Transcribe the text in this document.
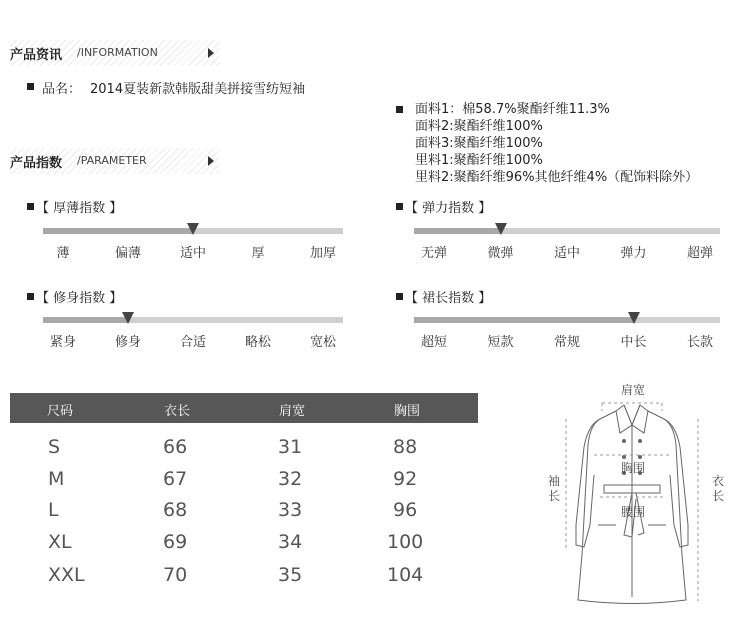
产品资讯 /INFORMATION
品名： 2014夏装新款韩版甜美拼接雪纺短袖
面料1：棉58.7%聚酯纤维11.3%
面料2:聚酯纤维100%
面料3:聚酯纤维100%
里料1:聚酯纤维100%
里料2:聚酯纤维96%其他纤维4%（配饰料除外）
产品指数 /PARAMETER
【 厚薄指数 】
薄	偏薄	适中	厚	加厚
【 弹力指数 】
无弹	微弹	适中	弹力	超弹
【 修身指数 】
紧身	修身	合适	略松	宽松
【 裙长指数 】
超短	短款	常规	中长	长款
尺码	衣长	肩宽	胸围
S	66	31	88
M	67	32	92
L	68	33	96
XL	69	34	100
XXL	70	35	104
肩宽
胸围
腰围
袖长
衣长
